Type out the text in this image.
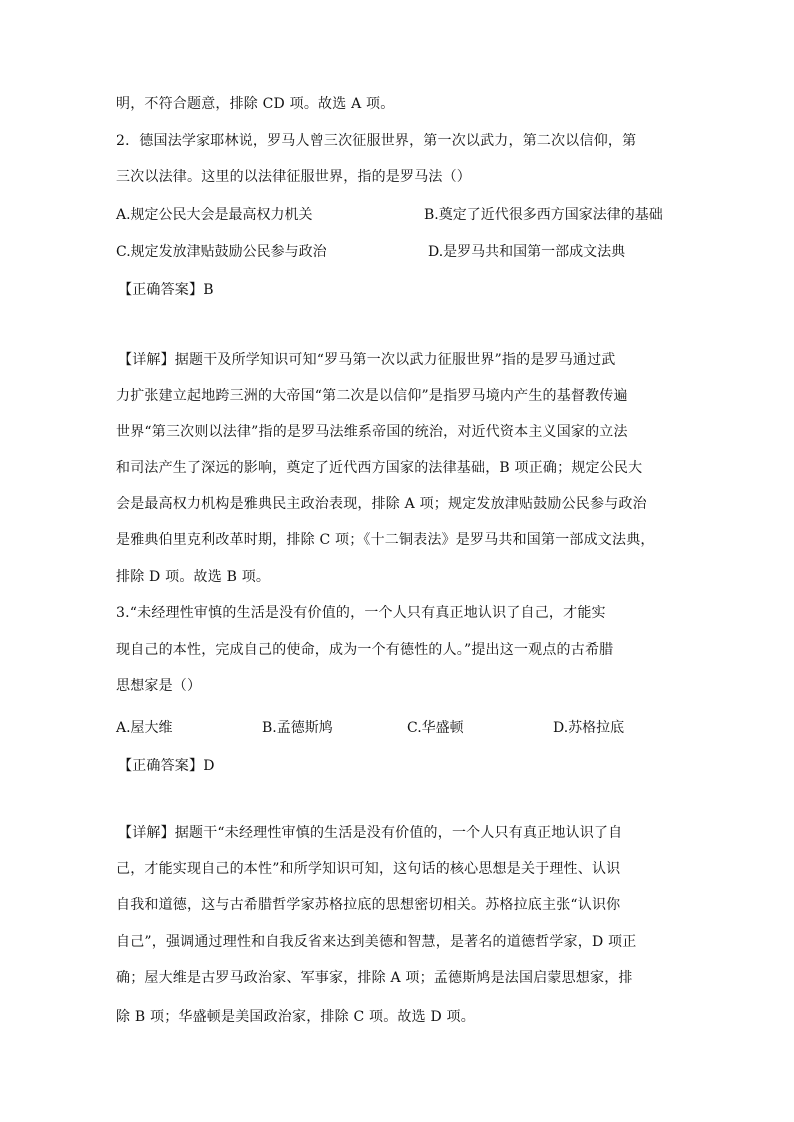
明，不符合题意，排除 CD 项。故选 A 项。
2．德国法学家耶林说，罗马人曾三次征服世界，第一次以武力，第二次以信仰，第
三次以法律。这里的以法律征服世界，指的是罗马法（）
A.规定公民大会是最高权力机关	B.奠定了近代很多西方国家法律的基础
C.规定发放津贴鼓励公民参与政治	D.是罗马共和国第一部成文法典
【正确答案】B
【详解】据题干及所学知识可知“罗马第一次以武力征服世界”指的是罗马通过武
力扩张建立起地跨三洲的大帝国“第二次是以信仰”是指罗马境内产生的基督教传遍
世界“第三次则以法律”指的是罗马法维系帝国的统治，对近代资本主义国家的立法
和司法产生了深远的影响，奠定了近代西方国家的法律基础，B 项正确；规定公民大
会是最高权力机构是雅典民主政治表现，排除 A 项；规定发放津贴鼓励公民参与政治
是雅典伯里克利改革时期，排除 C 项；《十二铜表法》是罗马共和国第一部成文法典，
排除 D 项。故选 B 项。
3.“未经理性审慎的生活是没有价值的，一个人只有真正地认识了自己，才能实
现自己的本性，完成自己的使命，成为一个有德性的人。”提出这一观点的古希腊
思想家是（）
A.屋大维	B.孟德斯鸠	C.华盛顿	D.苏格拉底
【正确答案】D
【详解】据题干“未经理性审慎的生活是没有价值的，一个人只有真正地认识了自
己，才能实现自己的本性”和所学知识可知，这句话的核心思想是关于理性、认识
自我和道德，这与古希腊哲学家苏格拉底的思想密切相关。苏格拉底主张“认识你
自己”，强调通过理性和自我反省来达到美德和智慧，是著名的道德哲学家，D 项正
确；屋大维是古罗马政治家、军事家，排除 A 项；孟德斯鸠是法国启蒙思想家，排
除 B 项；华盛顿是美国政治家，排除 C 项。故选 D 项。
